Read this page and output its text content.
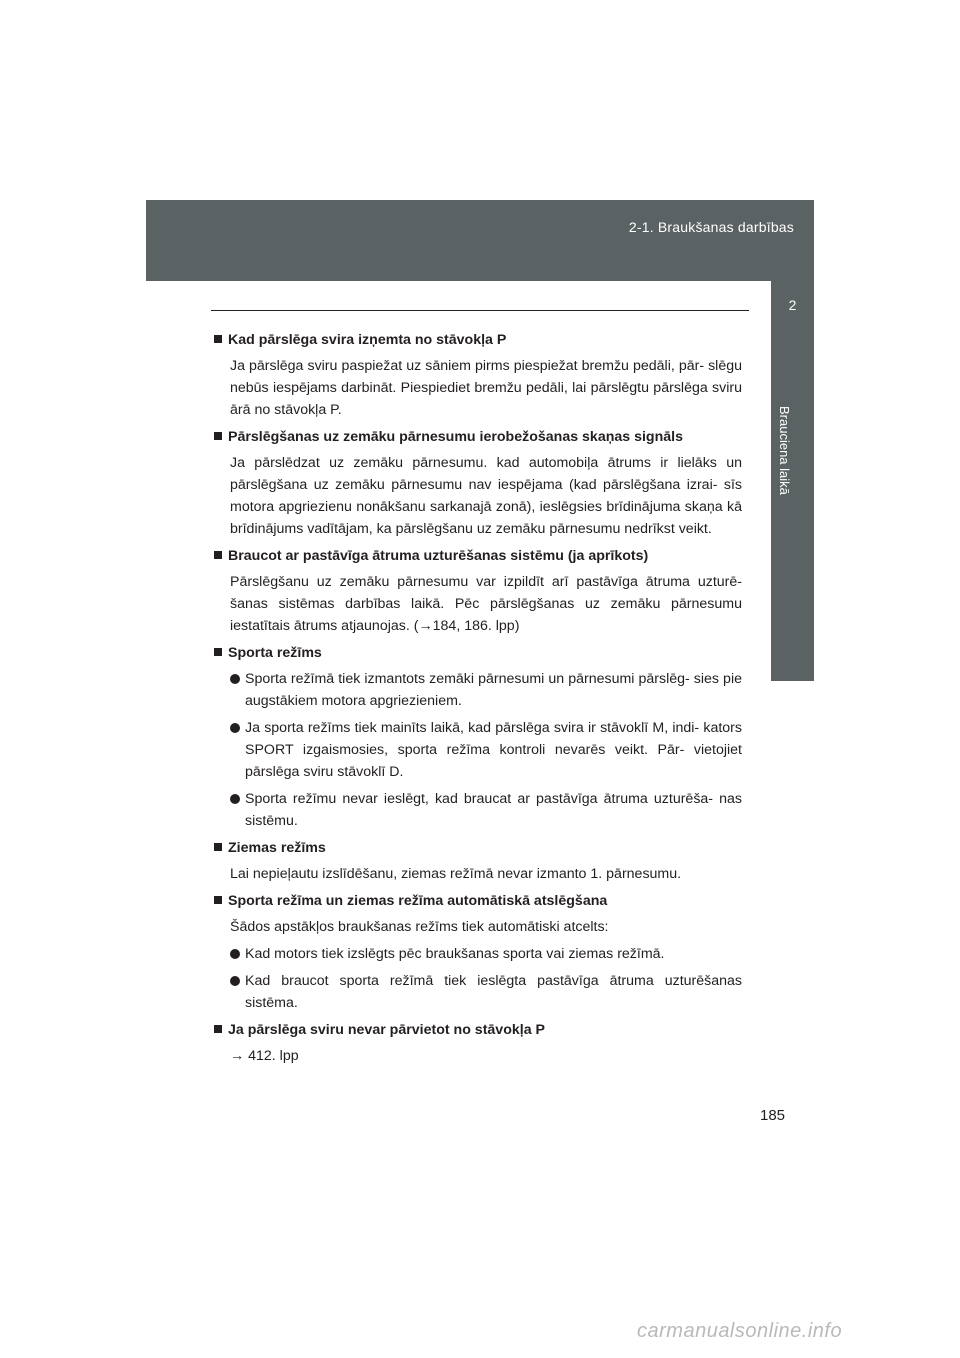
2-1. Braukšanas darbības
2
Brauciena laikā
Kad pārslēga svira izņemta no stāvokļa P
Ja pārslēga sviru paspiežat uz sāniem pirms piespiežat bremžu pedāli, pār- slēgu nebūs iespējams darbināt. Piespiediet bremžu pedāli, lai pārslēgtu pārslēga sviru ārā no stāvokļa P.
Pārslēgšanas uz zemāku pārnesumu ierobežošanas skaņas signāls
Ja pārslēdzat uz zemāku pārnesumu. kad automobiļa ātrums ir lielāks un pārslēgšana uz zemāku pārnesumu nav iespējama (kad pārslēgšana izrai- sīs motora apgriezienu nonākšanu sarkanajā zonā), ieslēgsies brīdinājuma skaņa kā brīdinājums vadītājam, ka pārslēgšanu uz zemāku pārnesumu nedrīkst veikt.
Braucot ar pastāvīga ātruma uzturēšanas sistēmu (ja aprīkots)
Pārslēgšanu uz zemāku pārnesumu var izpildīt arī pastāvīga ātruma uzturē- šanas sistēmas darbības laikā. Pēc pārslēgšanas uz zemāku pārnesumu iestatītais ātrums atjaunojas. (→184, 186. lpp)
Sporta režīms
Sporta režīmā tiek izmantots zemāki pārnesumi un pārnesumi pārslēg- sies pie augstākiem motora apgriezieniem.
Ja sporta režīms tiek mainīts laikā, kad pārslēga svira ir stāvoklī M, indi- kators SPORT izgaismosies, sporta režīma kontroli nevarēs veikt. Pār- vietojiet pārslēga sviru stāvoklī D.
Sporta režīmu nevar ieslēgt, kad braucat ar pastāvīga ātruma uzturēša- nas sistēmu.
Ziemas režīms
Lai nepieļautu izslīdēšanu, ziemas režīmā nevar izmanto 1. pārnesumu.
Sporta režīma un ziemas režīma automātiskā atslēgšana
Šādos apstākļos braukšanas režīms tiek automātiski atcelts:
Kad motors tiek izslēgts pēc braukšanas sporta vai ziemas režīmā.
Kad braucot sporta režīmā tiek ieslēgta pastāvīga ātruma uzturēšanas sistēma.
Ja pārslēga sviru nevar pārvietot no stāvokļa P
→ 412. lpp
185
carmanualsonline.info
